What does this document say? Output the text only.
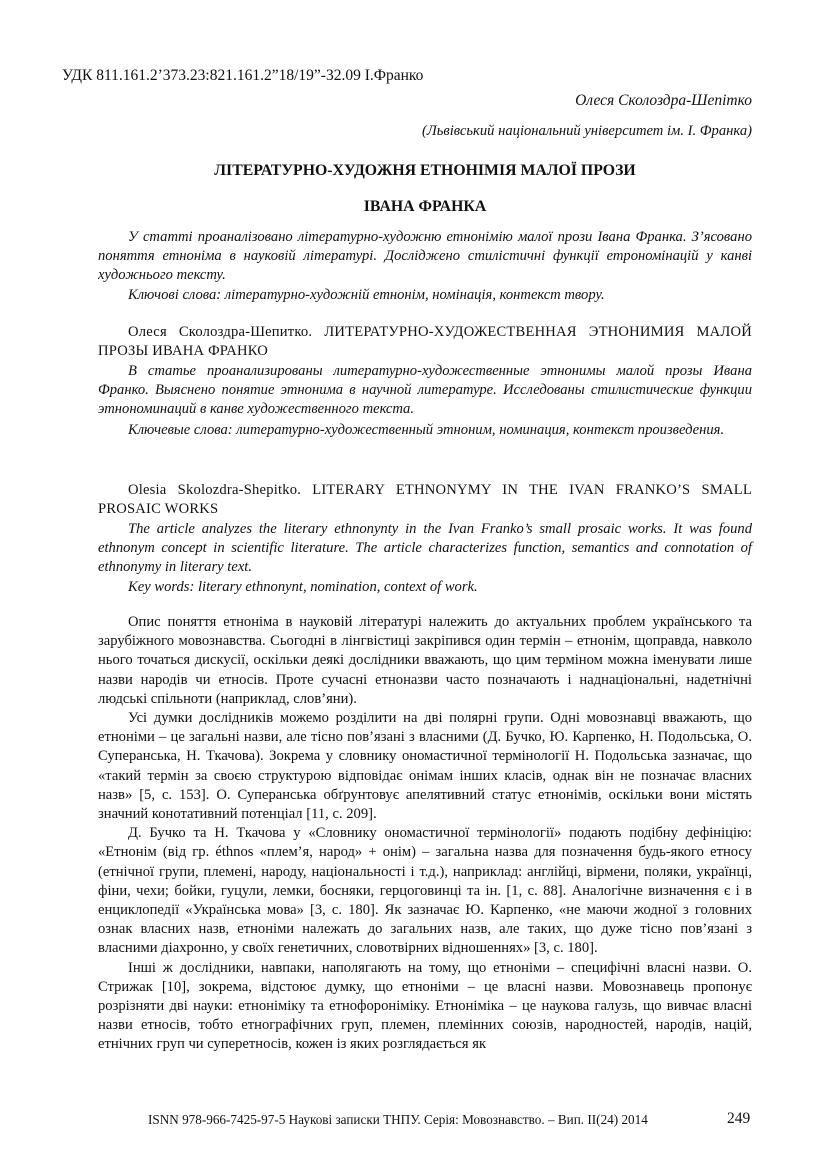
УДК 811.161.2’373.23:821.161.2”18/19”-32.09 І.Франко
Олеся Сколоздра-Шепітко
(Львівський національний університет ім. І. Франка)
ЛІТЕРАТУРНО-ХУДОЖНЯ ЕТНОНІМІЯ МАЛОЇ ПРОЗИ
ІВАНА ФРАНКА

У статті проаналізовано літературно-художню етнонімію малої прози Івана Франка. З’ясовано поняття етноніма в науковій літературі. Досліджено стилістичні функції етрономінацій у канві художнього тексту.

Ключові слова: літературно-художній етнонім, номінація, контекст твору.

Олеся Сколоздра-Шепитко. ЛИТЕРАТУРНО-ХУДОЖЕСТВЕННАЯ ЭТНОНИМИЯ МАЛОЙ ПРОЗЫ ИВАНА ФРАНКО

В статье проанализированы литературно-художественные этнонимы малой прозы Ивана Франко. Выяснено понятие этнонима в научной литературе. Исследованы стилистические функции этнономинаций в канве художественного текста.

Ключевые слова: литературно-художественный этноним, номинация, контекст произведения.

Olesia Skolozdra-Shepitko. LITERARY ETHNONYMY IN THE IVAN FRANKO’S SMALL PROSAIC WORKS

The article analyzes the literary ethnonynty in the Ivan Franko’s small prosaic works. It was found ethnonym concept in scientific literature. The article characterizes function, semantics and connotation of ethnonymy in literary text.

Key words: literary ethnonynt, nomination, context of work.

Опис поняття етноніма в науковій літературі належить до актуальних проблем українського та зарубіжного мовознавства. Сьогодні в лінгвістиці закріпився один термін – етнонім, щоправда, навколо нього точаться дискусії, оскільки деякі дослідники вважають, що цим терміном можна іменувати лише назви народів чи етносів. Проте сучасні етноназви часто позначають і наднаціональні, надетнічні людські спільноти (наприклад, слов’яни).

Усі думки дослідників можемо розділити на дві полярні групи. Одні мовознавці вважають, що етноніми – це загальні назви, але тісно пов’язані з власними (Д. Бучко, Ю. Карпенко, Н. Подольська, О. Суперанська, Н. Ткачова). Зокрема у словнику ономастичної термінології Н. Подольська зазначає, що «такий термін за своєю структурою відповідає онімам інших класів, однак він не позначає власних назв» [5, с. 153]. О. Суперанська обґрунтовує апелятивний статус етнонімів, оскільки вони містять значний конотативний потенціал [11, с. 209].

Д. Бучко та Н. Ткачова у «Словнику ономастичної термінології» подають подібну дефініцію: «Етнонім (від гр. éthnos «плем’я, народ» + онім) – загальна назва для позначення будь-якого етносу (етнічної групи, племені, народу, національності і т.д.), наприклад: англійці, вірмени, поляки, українці, фіни, чехи; бойки, гуцули, лемки, босняки, герцоговинці та ін. [1, с. 88]. Аналогічне визначення є і в енциклопедії «Українська мова» [3, с. 180]. Як зазначає Ю. Карпенко, «не маючи жодної з головних ознак власних назв, етноніми належать до загальних назв, але таких, що дуже тісно пов’язані з власними діахронно, у своїх генетичних, словотвірних відношеннях» [3, с. 180].

Інші ж дослідники, навпаки, наполягають на тому, що етноніми – специфічні власні назви. О. Стрижак [10], зокрема, відстоює думку, що етноніми – це власні назви. Мовознавець пропонує розрізняти дві науки: етноніміку та етнофороніміку. Етноніміка – це наукова галузь, що вивчає власні назви етносів, тобто етнографічних груп, племен, племінних союзів, народностей, народів, націй, етнічних груп чи суперетносів, кожен із яких розглядається як

ISNN 978-966-7425-97-5 Наукові записки ТНПУ. Серія: Мовознавство. – Вип. ІІ(24) 2014	249
